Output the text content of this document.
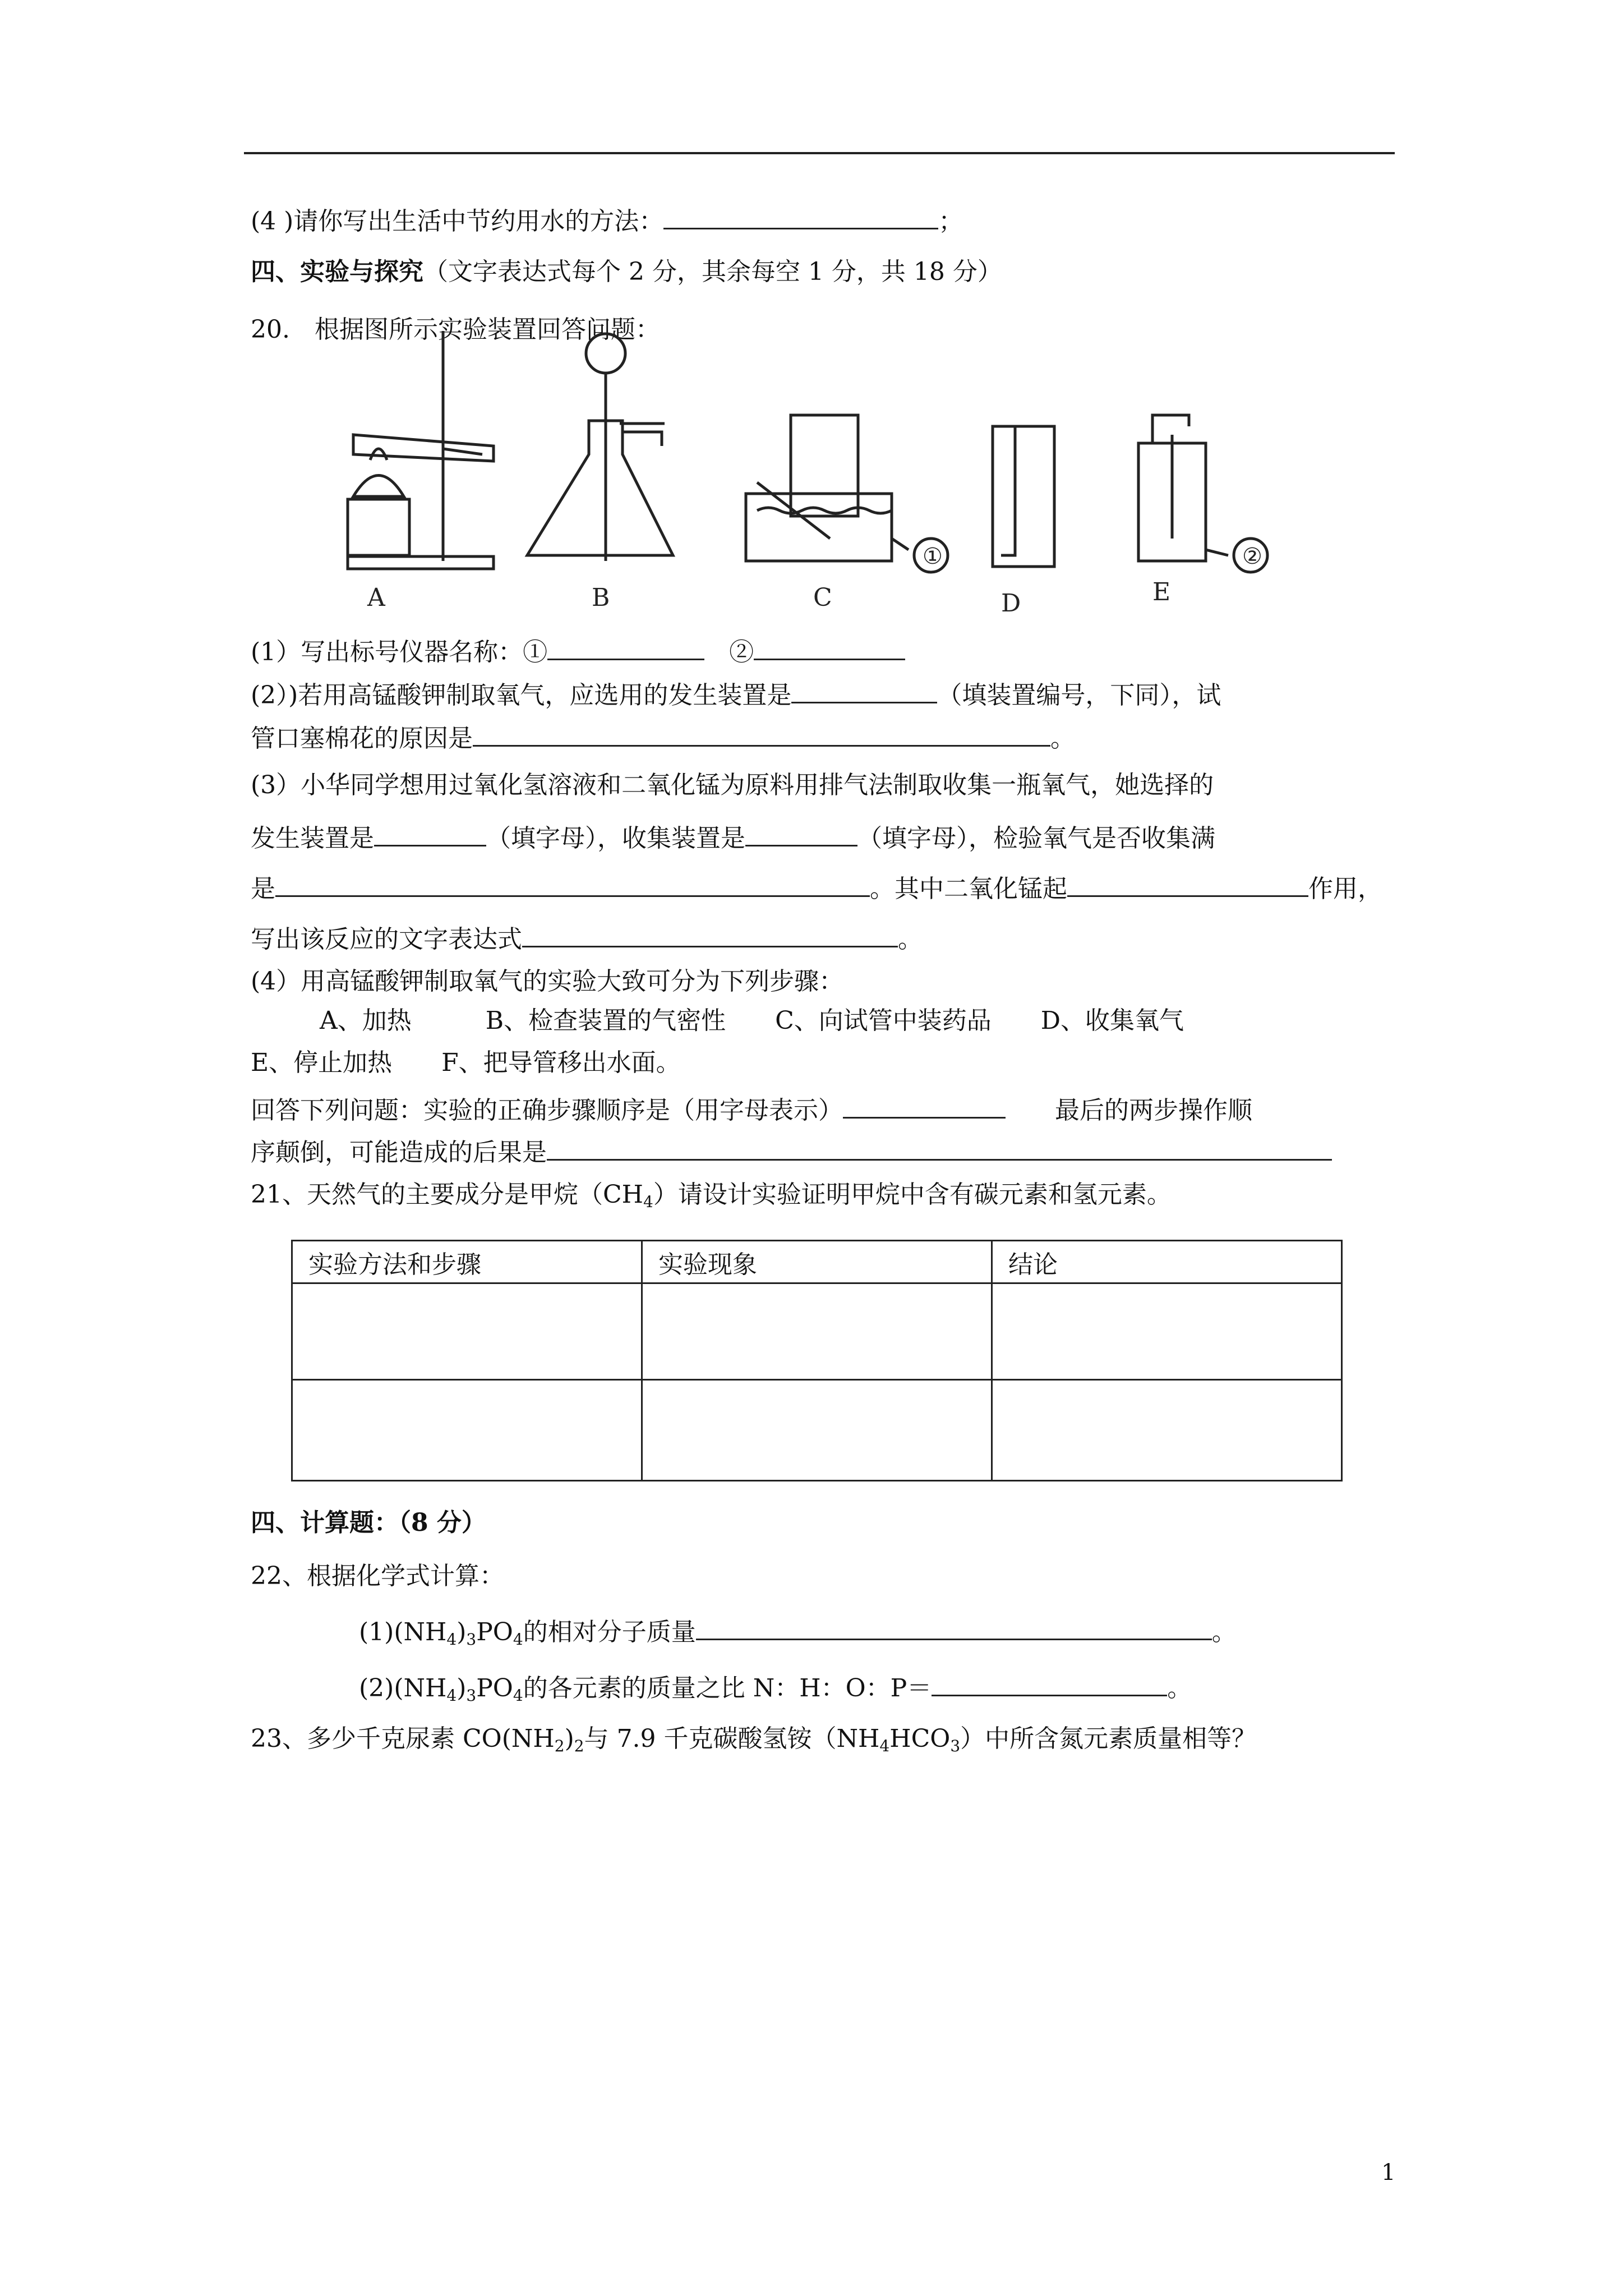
(4 )请你写出生活中节约用水的方法：	；
四、实验与探究（文字表达式每个 2 分，其余每空 1 分，共 18 分）
20.　根据图所示实验装置回答问题：
A	B
①
C	D
②
E
(1）写出标号仪器名称：①　	②
(2）)若用高锰酸钾制取氧气，应选用的发生装置是	（填装置编号，下同），试
管口塞棉花的原因是	。
(3）小华同学想用过氧化氢溶液和二氧化锰为原料用排气法制取收集一瓶氧气，她选择的
发生装置是	（填字母），收集装置是	（填字母），检验氧气是否收集满
是	。其中二氧化锰起	作用，
写出该反应的文字表达式	。
(4）用高锰酸钾制取氧气的实验大致可分为下列步骤：
A、加热　　　B、检查装置的气密性　　C、向试管中装药品　　D、收集氧气
E、停止加热　　F、把导管移出水面。
回答下列问题：实验的正确步骤顺序是（用字母表示）　　	最后的两步操作顺
序颠倒，可能造成的后果是
21、天然气的主要成分是甲烷$(CH_4)$请设计实验证明甲烷中含有碳元素和氢元素。
实验方法和步骤	实验现象	结论

四、计算题：（8 分）
22、根据化学式计算：
$(1)(NH_4)_3PO_4$的相对分子质量	。
$(2)(NH_4)_3PO_4$的各元素的质量之比 N：H：O：P＝	。
23、多少千克尿素 $CO(NH_2)_2$与 7.9 千克碳酸氢铵$(NH_4HCO_3)$中所含氮元素质量相等？
1
